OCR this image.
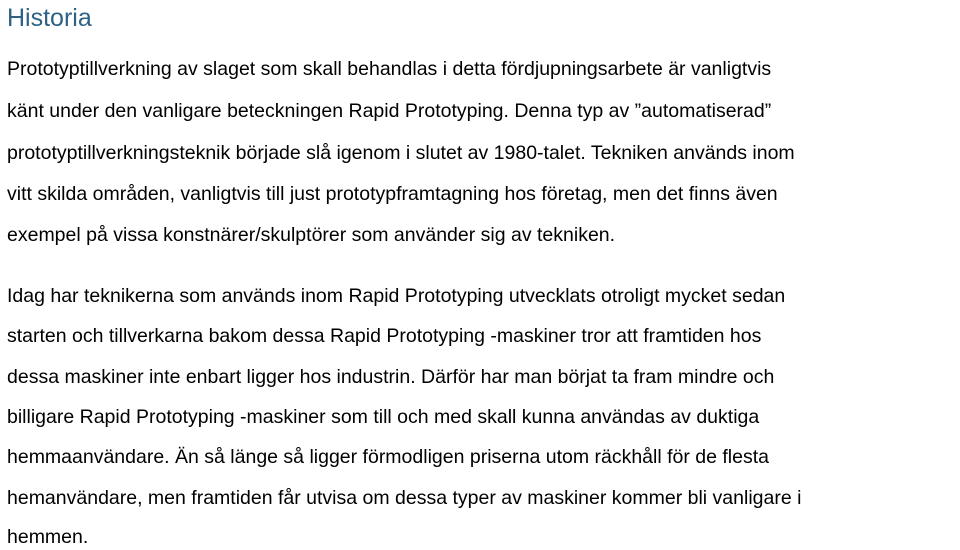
Historia

Prototyptillverkning av slaget som skall behandlas i detta fördjupningsarbete är vanligtvis

känt under den vanligare beteckningen Rapid Prototyping. Denna typ av ”automatiserad”

prototyptillverkningsteknik började slå igenom i slutet av 1980-talet. Tekniken används inom

vitt skilda områden, vanligtvis till just prototypframtagning hos företag, men det finns även

exempel på vissa konstnärer/skulptörer som använder sig av tekniken.

Idag har teknikerna som används inom Rapid Prototyping utvecklats otroligt mycket sedan

starten och tillverkarna bakom dessa Rapid Prototyping -maskiner tror att framtiden hos

dessa maskiner inte enbart ligger hos industrin. Därför har man börjat ta fram mindre och

billigare Rapid Prototyping -maskiner som till och med skall kunna användas av duktiga

hemmaanvändare. Än så länge så ligger förmodligen priserna utom räckhåll för de flesta

hemanvändare, men framtiden får utvisa om dessa typer av maskiner kommer bli vanligare i

hemmen.
